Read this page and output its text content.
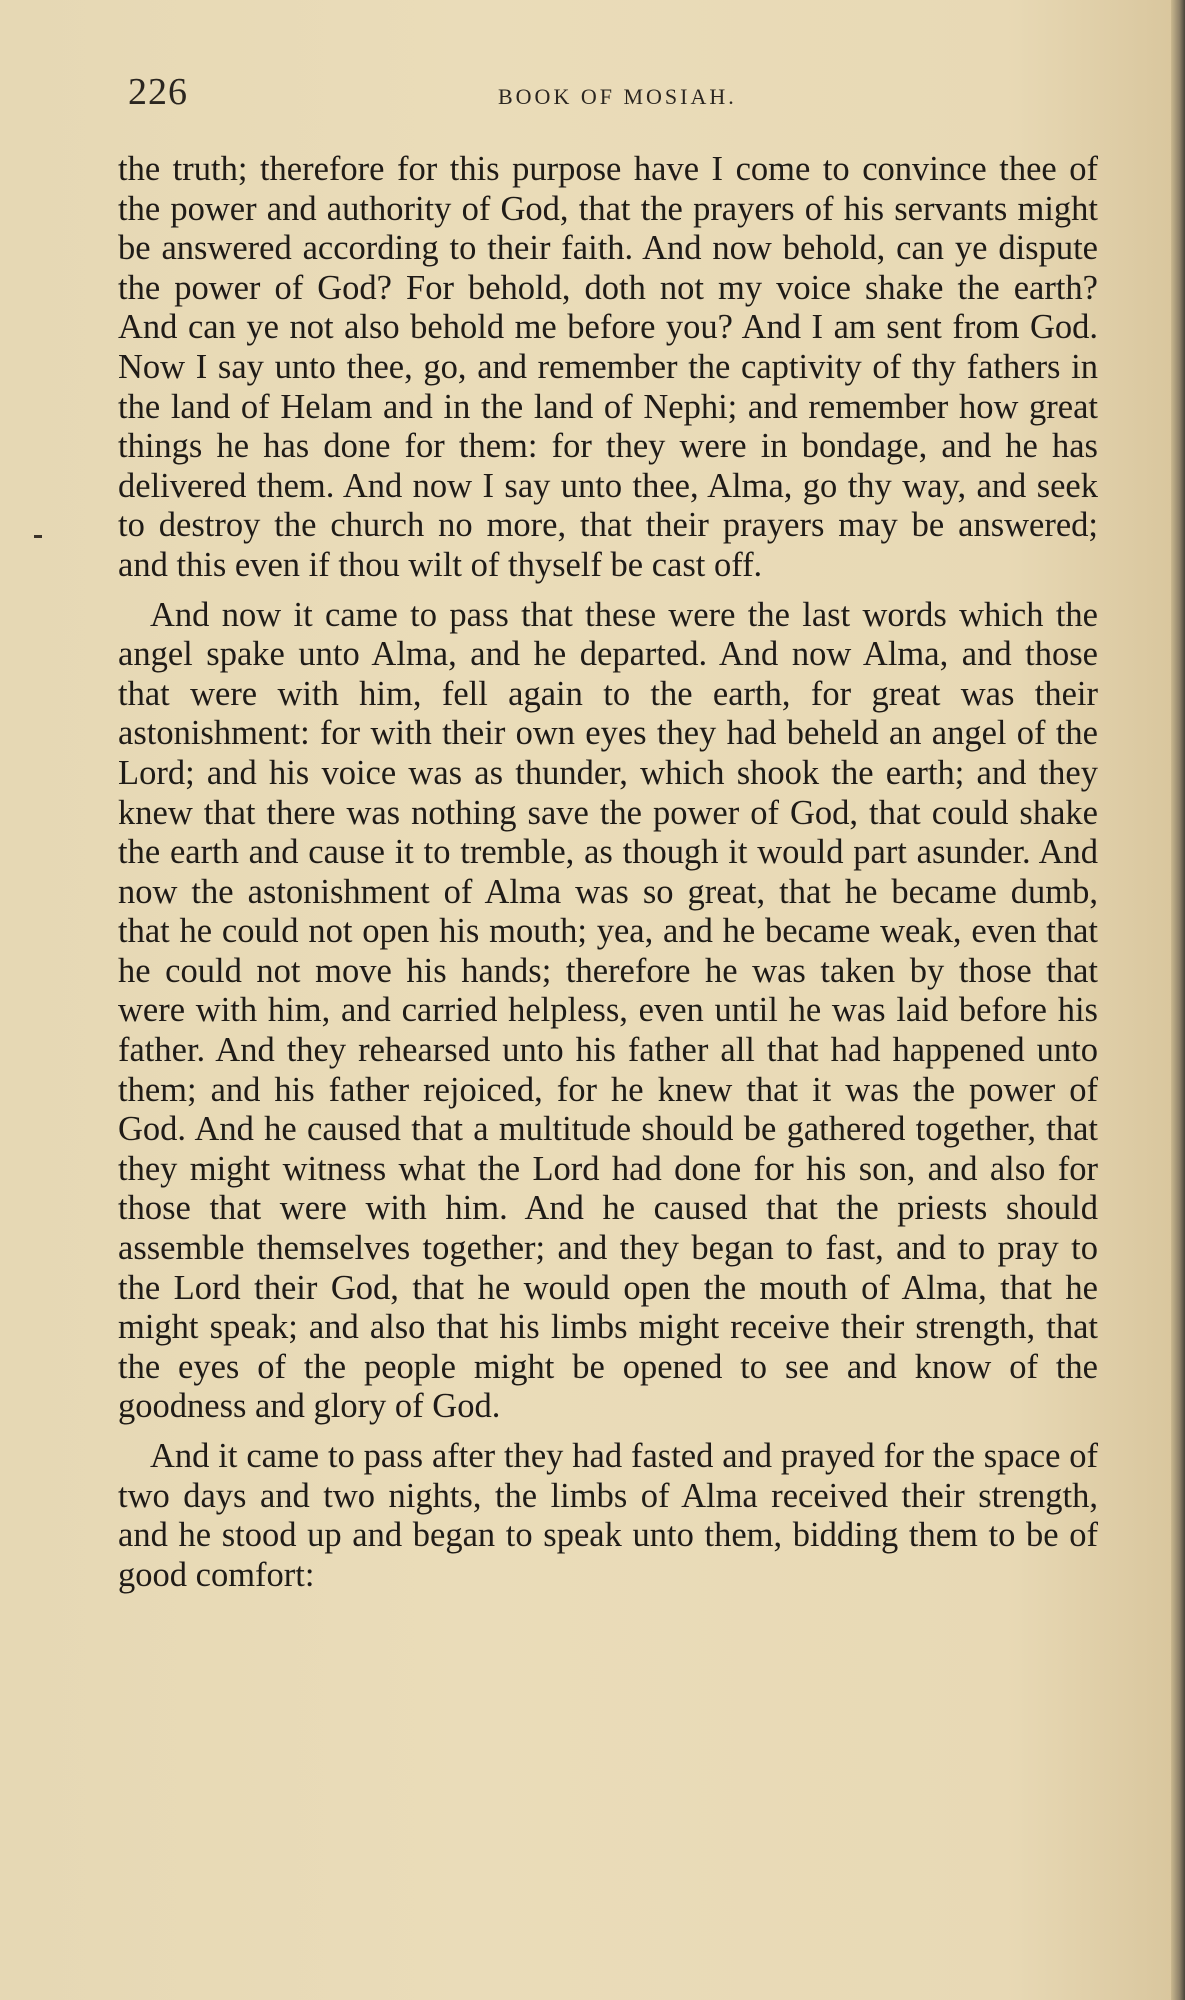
226	BOOK OF MOSIAH.

the truth; therefore for this purpose have I come to convince thee of the power and authority of God, that the prayers of his servants might be answered according to their faith. And now behold, can ye dispute the power of God? For behold, doth not my voice shake the earth? And can ye not also behold me before you? And I am sent from God. Now I say unto thee, go, and remember the captivity of thy fathers in the land of Helam and in the land of Nephi; and remember how great things he has done for them: for they were in bondage, and he has delivered them. And now I say unto thee, Alma, go thy way, and seek to destroy the church no more, that their prayers may be answered; and this even if thou wilt of thyself be cast off.

And now it came to pass that these were the last words which the angel spake unto Alma, and he departed. And now Alma, and those that were with him, fell again to the earth, for great was their astonishment: for with their own eyes they had beheld an angel of the Lord; and his voice was as thunder, which shook the earth; and they knew that there was nothing save the power of God, that could shake the earth and cause it to tremble, as though it would part asunder. And now the astonishment of Alma was so great, that he became dumb, that he could not open his mouth; yea, and he became weak, even that he could not move his hands; therefore he was taken by those that were with him, and carried helpless, even until he was laid before his father. And they rehearsed unto his father all that had happened unto them; and his father rejoiced, for he knew that it was the power of God. And he caused that a multitude should be gathered together, that they might witness what the Lord had done for his son, and also for those that were with him. And he caused that the priests should assemble themselves together; and they began to fast, and to pray to the Lord their God, that he would open the mouth of Alma, that he might speak; and also that his limbs might receive their strength, that the eyes of the people might be opened to see and know of the goodness and glory of God.

And it came to pass after they had fasted and prayed for the space of two days and two nights, the limbs of Alma received their strength, and he stood up and began to speak unto them, bidding them to be of good comfort:
